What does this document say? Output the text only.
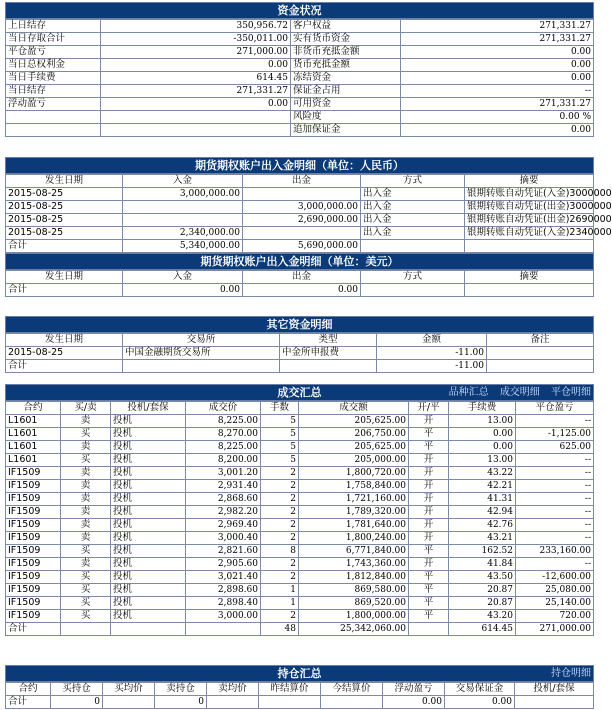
资金状况
上日结存	350,956.72	客户权益	271,331.27
当日存取合计	-350,011.00	实有货币资金	271,331.27
平仓盈亏	271,000.00	非货币充抵金额	0.00
当日总权利金	0.00	货币充抵金额	0.00
当日手续费	614.45	冻结资金	0.00
当日结存	271,331.27	保证金占用	--
浮动盈亏	0.00	可用资金	271,331.27
		风险度	0.00 %
		追加保证金	0.00
期货期权账户出入金明细（单位：人民币）
发生日期	入金	出金	方式	摘要
2015-08-25	3,000,000.00		出入金	银期转账自动凭证(入金)3000000
2015-08-25		3,000,000.00	出入金	银期转账自动凭证(出金)3000000
2015-08-25		2,690,000.00	出入金	银期转账自动凭证(出金)2690000
2015-08-25	2,340,000.00		出入金	银期转账自动凭证(入金)2340000
合计	5,340,000.00	5,690,000.00		
期货期权账户出入金明细（单位：美元）
发生日期	入金	出金	方式	摘要
合计	0.00	0.00		
其它资金明细
发生日期	交易所	类型	金额	备注
2015-08-25	中国金融期货交易所	中金所申报费	-11.00	
合计			-11.00	
成交汇总	品种汇总 成交明细 平仓明细
合约	买/卖	投机/套保	成交价	手数	成交额	开/平	手续费	平仓盈亏
L1601	卖	投机	8,225.00	5	205,625.00	开	13.00	--
L1601	买	投机	8,270.00	5	206,750.00	平	0.00	-1,125.00
L1601	卖	投机	8,225.00	5	205,625.00	平	0.00	625.00
L1601	买	投机	8,200.00	5	205,000.00	开	13.00	--
IF1509	卖	投机	3,001.20	2	1,800,720.00	开	43.22	--
IF1509	卖	投机	2,931.40	2	1,758,840.00	开	42.21	--
IF1509	卖	投机	2,868.60	2	1,721,160.00	开	41.31	--
IF1509	卖	投机	2,982.20	2	1,789,320.00	开	42.94	--
IF1509	卖	投机	2,969.40	2	1,781,640.00	开	42.76	--
IF1509	卖	投机	3,000.40	2	1,800,240.00	开	43.21	--
IF1509	买	投机	2,821.60	8	6,771,840.00	平	162.52	233,160.00
IF1509	卖	投机	2,905.60	2	1,743,360.00	开	41.84	--
IF1509	买	投机	3,021.40	2	1,812,840.00	平	43.50	-12,600.00
IF1509	买	投机	2,898.60	1	869,580.00	平	20.87	25,080.00
IF1509	买	投机	2,898.40	1	869,520.00	平	20.87	25,140.00
IF1509	买	投机	3,000.00	2	1,800,000.00	平	43.20	720.00
合计				48	25,342,060.00		614.45	271,000.00
持仓汇总	持仓明细
合约	买持仓	买均价	卖持仓	卖均价	昨结算价	今结算价	浮动盈亏	交易保证金	投机/套保
合计	0		0				0.00	0.00	
